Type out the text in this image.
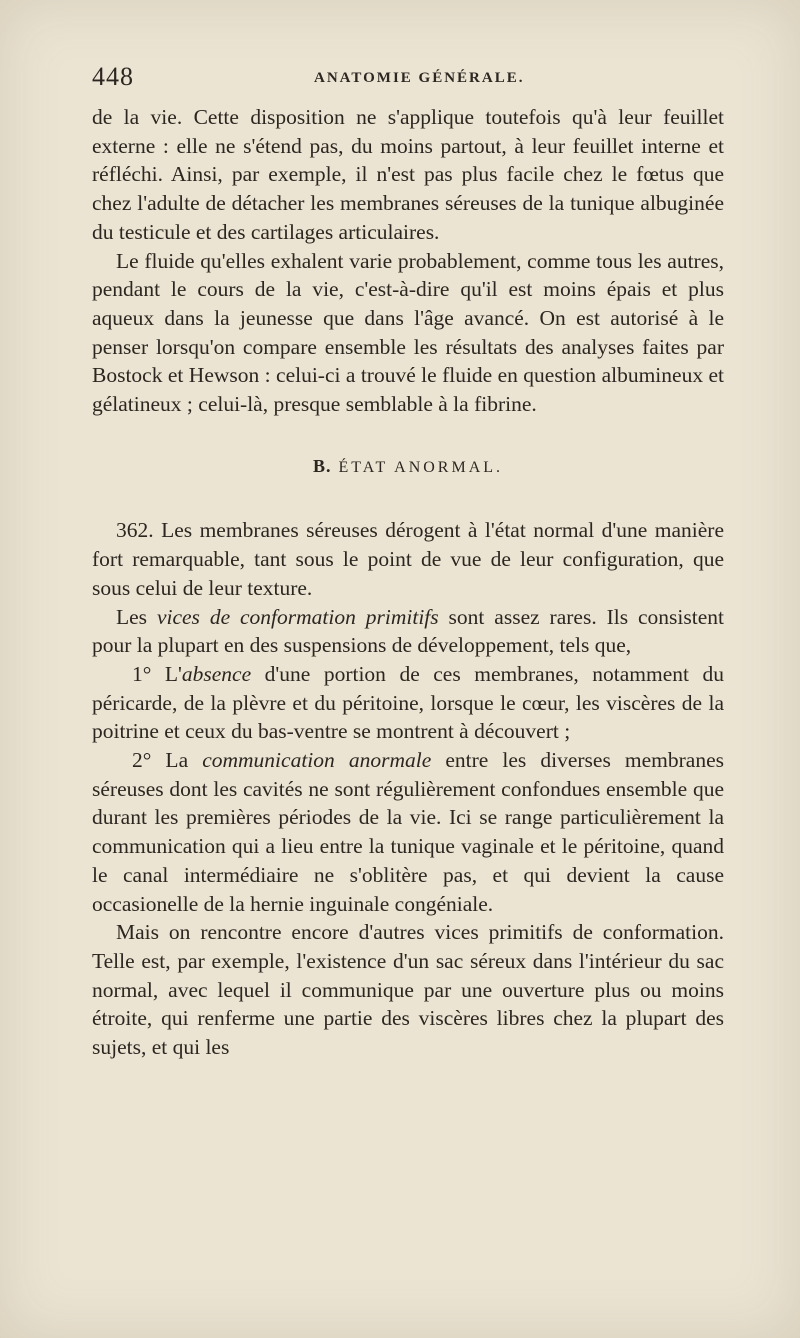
448	ANATOMIE GÉNÉRALE.

de la vie. Cette disposition ne s'applique toutefois qu'à leur feuillet externe : elle ne s'étend pas, du moins partout, à leur feuillet interne et réfléchi. Ainsi, par exemple, il n'est pas plus facile chez le fœtus que chez l'adulte de détacher les membranes séreuses de la tunique albuginée du testicule et des cartilages articulaires.

Le fluide qu'elles exhalent varie probablement, comme tous les autres, pendant le cours de la vie, c'est-à-dire qu'il est moins épais et plus aqueux dans la jeunesse que dans l'âge avancé. On est autorisé à le penser lorsqu'on compare ensemble les résultats des analyses faites par Bostock et Hewson : celui-ci a trouvé le fluide en question albumineux et gélatineux ; celui-là, presque semblable à la fibrine.

B. ÉTAT ANORMAL.

362. Les membranes séreuses dérogent à l'état normal d'une manière fort remarquable, tant sous le point de vue de leur configuration, que sous celui de leur texture.

Les vices de conformation primitifs sont assez rares. Ils consistent pour la plupart en des suspensions de développement, tels que,

1° L'absence d'une portion de ces membranes, notamment du péricarde, de la plèvre et du péritoine, lorsque le cœur, les viscères de la poitrine et ceux du bas-ventre se montrent à découvert ;

2° La communication anormale entre les diverses membranes séreuses dont les cavités ne sont régulièrement confondues ensemble que durant les premières périodes de la vie. Ici se range particulièrement la communication qui a lieu entre la tunique vaginale et le péritoine, quand le canal intermédiaire ne s'oblitère pas, et qui devient la cause occasionelle de la hernie inguinale congéniale.

Mais on rencontre encore d'autres vices primitifs de conformation. Telle est, par exemple, l'existence d'un sac séreux dans l'intérieur du sac normal, avec lequel il communique par une ouverture plus ou moins étroite, qui renferme une partie des viscères libres chez la plupart des sujets, et qui les
